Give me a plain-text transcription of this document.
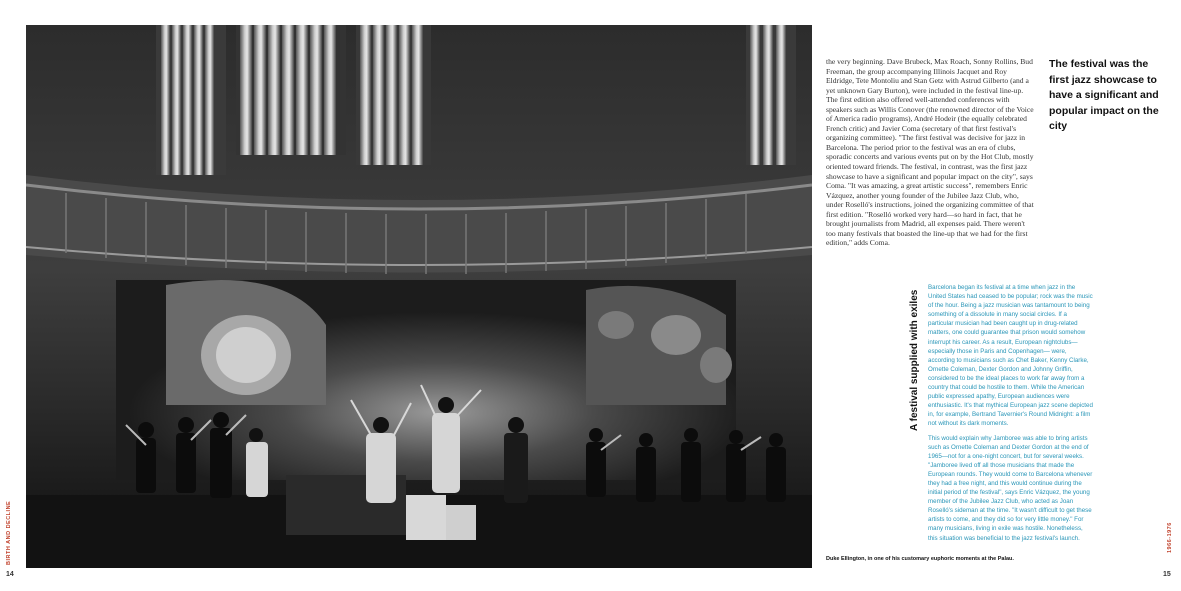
14
BIRTH AND DECLINE

the very beginning. Dave Brubeck, Max Roach, Sonny Rollins, Bud Freeman, the group accompanying Illinois Jacquet and Roy Eldridge, Tete Montoliu and Stan Getz with Astrud Gilberto (and a yet unknown Gary Burton), were included in the festival line-up. The first edition also offered well-attended conferences with speakers such as Willis Conover (the renowned director of the Voice of America radio programs), André Hodeir (the equally celebrated French critic) and Javier Coma (secretary of that first festival's organizing committee). "The first festival was decisive for jazz in Barcelona. The period prior to the festival was an era of clubs, sporadic concerts and various events put on by the Hot Club, mostly oriented toward friends. The festival, in contrast, was the first jazz showcase to have a significant and popular impact on the city", says Coma. "It was amazing, a great artistic success", remembers Enric Vázquez, another young founder of the Jubilee Jazz Club, who, under Roselló's instructions, joined the organizing committee of that first edition. "Roselló worked very hard—so hard in fact, that he brought journalists from Madrid, all expenses paid. There weren't too many festivals that boasted the line-up that we had for the first edition," adds Coma.

The festival was the first jazz showcase to have a significant and popular impact on the city
A festival supplied with exiles

Barcelona began its festival at a time when jazz in the United States had ceased to be popular; rock was the music of the hour. Being a jazz musician was tantamount to being something of a dissolute in many social circles. If a particular musician had been caught up in drug-related matters, one could guarantee that prison would somehow interrupt his career. As a result, European nightclubs—especially those in Paris and Copenhagen— were, according to musicians such as Chet Baker, Kenny Clarke, Ornette Coleman, Dexter Gordon and Johnny Griffin, considered to be the ideal places to work far away from a country that could be hostile to them. While the American public expressed apathy, European audiences were enthusiastic. It's that mythical European jazz scene depicted in, for example, Bertrand Tavernier's Round Midnight: a film not without its dark moments.

This would explain why Jamboree was able to bring artists such as Ornette Coleman and Dexter Gordon at the end of 1965—not for a one-night concert, but for several weeks. "Jamboree lived off all those musicians that made the European rounds. They would come to Barcelona whenever they had a free night, and this would continue during the initial period of the festival", says Enric Vázquez, the young member of the Jubilee Jazz Club, who acted as Joan Roselló's sideman at the time. "It wasn't difficult to get these artists to come, and they did so for very little money." For many musicians, living in exile was hostile. Nonetheless, this situation was beneficial to the jazz festival's launch.

Duke Ellington, in one of his customary euphoric moments at the Palau.
15
1966-1976
